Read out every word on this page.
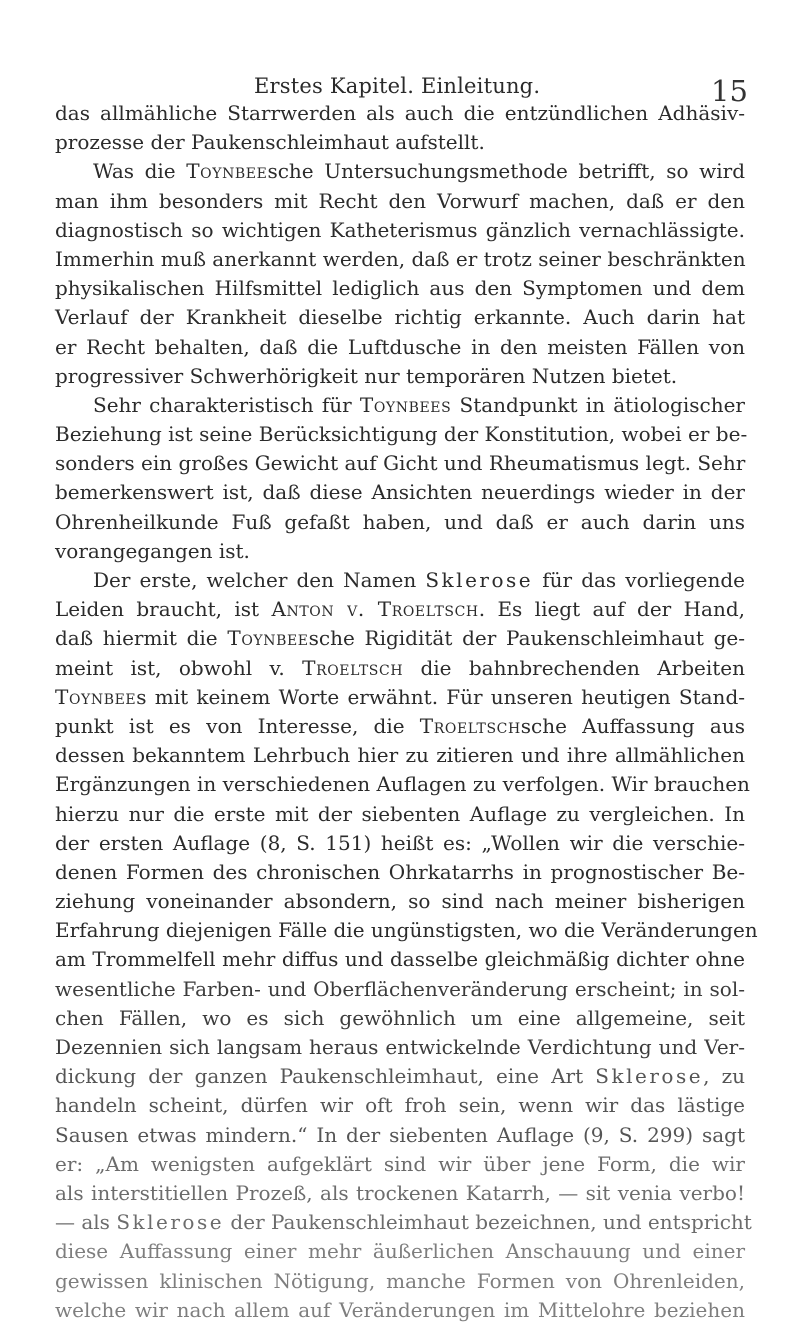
Erstes Kapitel. Einleitung.	15
das allmähliche Starrwerden als auch die entzündlichen Adhäsiv-
prozesse der Paukenschleimhaut aufstellt.
Was die Toynbeesche Untersuchungsmethode betrifft, so wird
man ihm besonders mit Recht den Vorwurf machen, daß er den
diagnostisch so wichtigen Katheterismus gänzlich vernachlässigte.
Immerhin muß anerkannt werden, daß er trotz seiner beschränkten
physikalischen Hilfsmittel lediglich aus den Symptomen und dem
Verlauf der Krankheit dieselbe richtig erkannte. Auch darin hat
er Recht behalten, daß die Luftdusche in den meisten Fällen von
progressiver Schwerhörigkeit nur temporären Nutzen bietet.
Sehr charakteristisch für Toynbees Standpunkt in ätiologischer
Beziehung ist seine Berücksichtigung der Konstitution, wobei er be-
sonders ein großes Gewicht auf Gicht und Rheumatismus legt. Sehr
bemerkenswert ist, daß diese Ansichten neuerdings wieder in der
Ohrenheilkunde Fuß gefaßt haben, und daß er auch darin uns
vorangegangen ist.
Der erste, welcher den Namen Sklerose für das vorliegende
Leiden braucht, ist Anton v. Troeltsch. Es liegt auf der Hand,
daß hiermit die Toynbeesche Rigidität der Paukenschleimhaut ge-
meint ist, obwohl v. Troeltsch die bahnbrechenden Arbeiten
Toynbees mit keinem Worte erwähnt. Für unseren heutigen Stand-
punkt ist es von Interesse, die Troeltschsche Auffassung aus
dessen bekanntem Lehrbuch hier zu zitieren und ihre allmählichen
Ergänzungen in verschiedenen Auflagen zu verfolgen. Wir brauchen
hierzu nur die erste mit der siebenten Auflage zu vergleichen. In
der ersten Auflage (8, S. 151) heißt es: „Wollen wir die verschie-
denen Formen des chronischen Ohrkatarrhs in prognostischer Be-
ziehung voneinander absondern, so sind nach meiner bisherigen
Erfahrung diejenigen Fälle die ungünstigsten, wo die Veränderungen
am Trommelfell mehr diffus und dasselbe gleichmäßig dichter ohne
wesentliche Farben- und Oberflächenveränderung erscheint; in sol-
chen Fällen, wo es sich gewöhnlich um eine allgemeine, seit
Dezennien sich langsam heraus entwickelnde Verdichtung und Ver-
dickung der ganzen Paukenschleimhaut, eine Art Sklerose, zu
handeln scheint, dürfen wir oft froh sein, wenn wir das lästige
Sausen etwas mindern.“ In der siebenten Auflage (9, S. 299) sagt
er: „Am wenigsten aufgeklärt sind wir über jene Form, die wir
als interstitiellen Prozeß, als trockenen Katarrh, — sit venia verbo!
— als Sklerose der Paukenschleimhaut bezeichnen, und entspricht
diese Auffassung einer mehr äußerlichen Anschauung und einer
gewissen klinischen Nötigung, manche Formen von Ohrenleiden,
welche wir nach allem auf Veränderungen im Mittelohre beziehen
